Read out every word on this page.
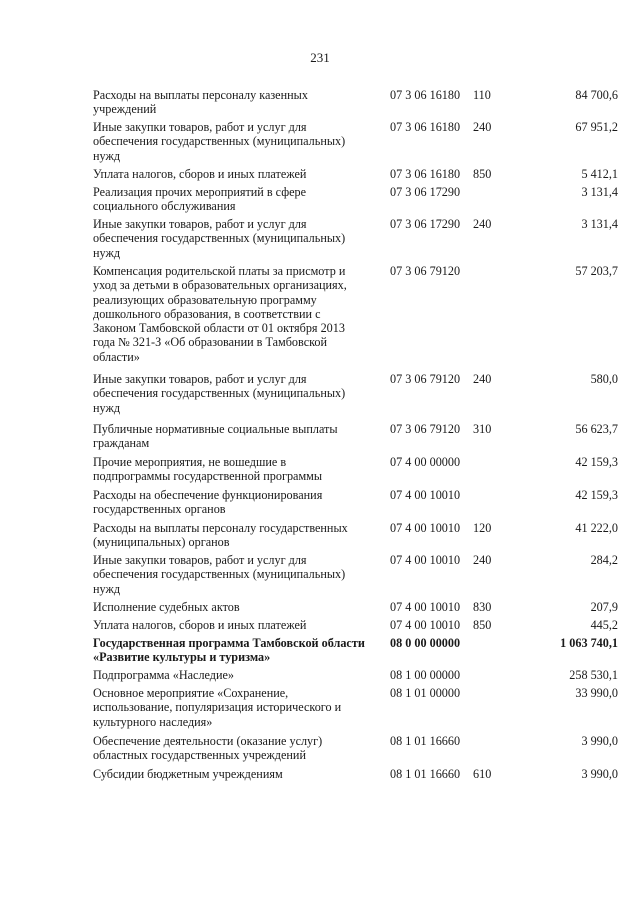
231
Расходы на выплаты персоналу казенных учреждений
07 3 06 16180	110	84 700,6
Иные закупки товаров, работ и услуг для обеспечения государственных (муниципальных) нужд
07 3 06 16180	240	67 951,2
Уплата налогов, сборов и иных платежей	07 3 06 16180	850	5 412,1
Реализация прочих мероприятий в сфере социального обслуживания
07 3 06 17290	3 131,4
Иные закупки товаров, работ и услуг для обеспечения государственных (муниципальных) нужд
07 3 06 17290	240	3 131,4
Компенсация родительской платы за присмотр и уход за детьми в образовательных организациях, реализующих образовательную программу дошкольного образования, в соответствии с Законом Тамбовской области от 01 октября 2013 года № 321-З «Об образовании в Тамбовской области»
07 3 06 79120	57 203,7
Иные закупки товаров, работ и услуг для обеспечения государственных (муниципальных) нужд
07 3 06 79120	240	580,0
Публичные нормативные социальные выплаты гражданам
07 3 06 79120	310	56 623,7
Прочие мероприятия, не вошедшие в подпрограммы государственной программы
07 4 00 00000	42 159,3
Расходы на обеспечение функционирования государственных органов
07 4 00 10010	42 159,3
Расходы на выплаты персоналу государственных (муниципальных) органов
07 4 00 10010	120	41 222,0
Иные закупки товаров, работ и услуг для обеспечения государственных (муниципальных) нужд
07 4 00 10010	240	284,2
Исполнение судебных актов	07 4 00 10010	830	207,9
Уплата налогов, сборов и иных платежей	07 4 00 10010	850	445,2
Государственная программа Тамбовской области «Развитие культуры и туризма»
08 0 00 00000	1 063 740,1
Подпрограмма «Наследие»	08 1 00 00000	258 530,1
Основное мероприятие «Сохранение, использование, популяризация исторического и культурного наследия»
08 1 01 00000	33 990,0
Обеспечение деятельности (оказание услуг) областных государственных учреждений
08 1 01 16660	3 990,0
Субсидии бюджетным учреждениям	08 1 01 16660	610	3 990,0
